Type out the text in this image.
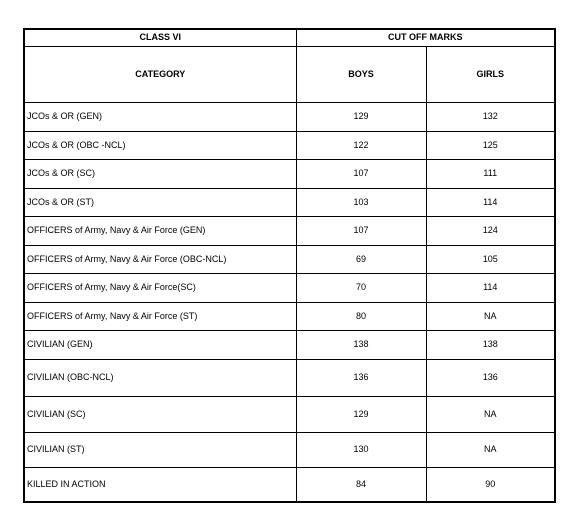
CLASS VI	CUT OFF MARKS	
CATEGORY	BOYS	GIRLS
JCOs & OR (GEN)	129	132
JCOs & OR (OBC -NCL)	122	125
JCOs & OR (SC)	107	111
JCOs & OR (ST)	103	114
OFFICERS of Army, Navy & Air Force (GEN)	107	124
OFFICERS of Army, Navy & Air Force (OBC-NCL)	69	105
OFFICERS of Army, Navy & Air Force(SC)	70	114
OFFICERS of Army, Navy & Air Force (ST)	80	NA
CIVILIAN (GEN)	138	138
CIVILIAN (OBC-NCL)	136	136
CIVILIAN (SC)	129	NA
CIVILIAN (ST)	130	NA
KILLED IN ACTION	84	90
